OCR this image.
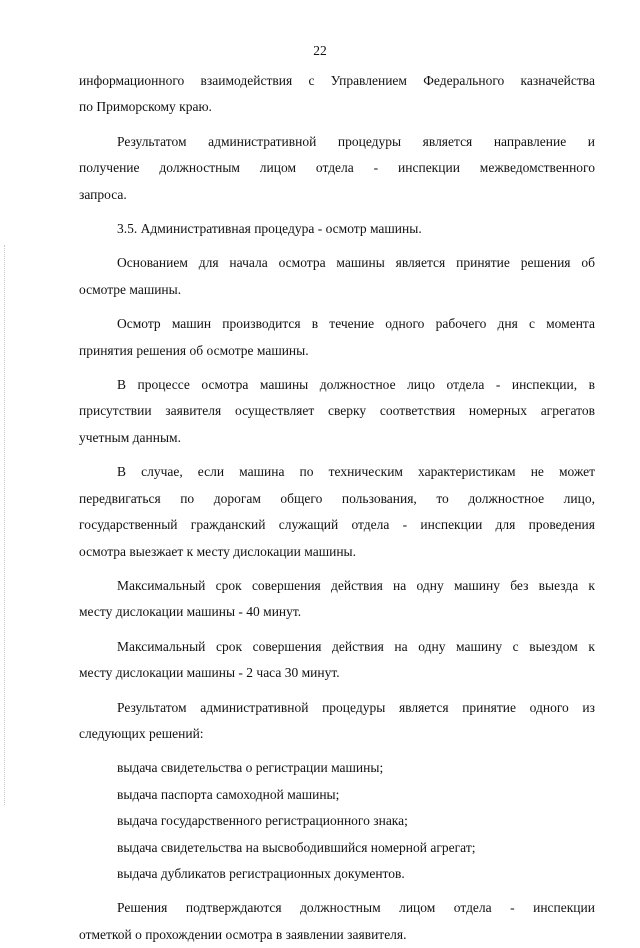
22
информационного взаимодействия с Управлением Федерального казначейства
по Приморскому краю.
Результатом административной процедуры является направление и
получение должностным лицом отдела - инспекции межведомственного
запроса.
3.5. Административная процедура - осмотр машины.
Основанием для начала осмотра машины является принятие решения об
осмотре машины.
Осмотр машин производится в течение одного рабочего дня с момента
принятия решения об осмотре машины.
В процессе осмотра машины должностное лицо отдела - инспекции, в
присутствии заявителя осуществляет сверку соответствия номерных агрегатов
учетным данным.
В случае, если машина по техническим характеристикам не может
передвигаться по дорогам общего пользования, то должностное лицо,
государственный гражданский служащий отдела - инспекции для проведения
осмотра выезжает к месту дислокации машины.
Максимальный срок совершения действия на одну машину без выезда к
месту дислокации машины - 40 минут.
Максимальный срок совершения действия на одну машину с выездом к
месту дислокации машины - 2 часа 30 минут.
Результатом административной процедуры является принятие одного из
следующих решений:
выдача свидетельства о регистрации машины;
выдача паспорта самоходной машины;
выдача государственного регистрационного знака;
выдача свидетельства на высвободившийся номерной агрегат;
выдача дубликатов регистрационных документов.
Решения подтверждаются должностным лицом отдела - инспекции
отметкой о прохождении осмотра в заявлении заявителя.
